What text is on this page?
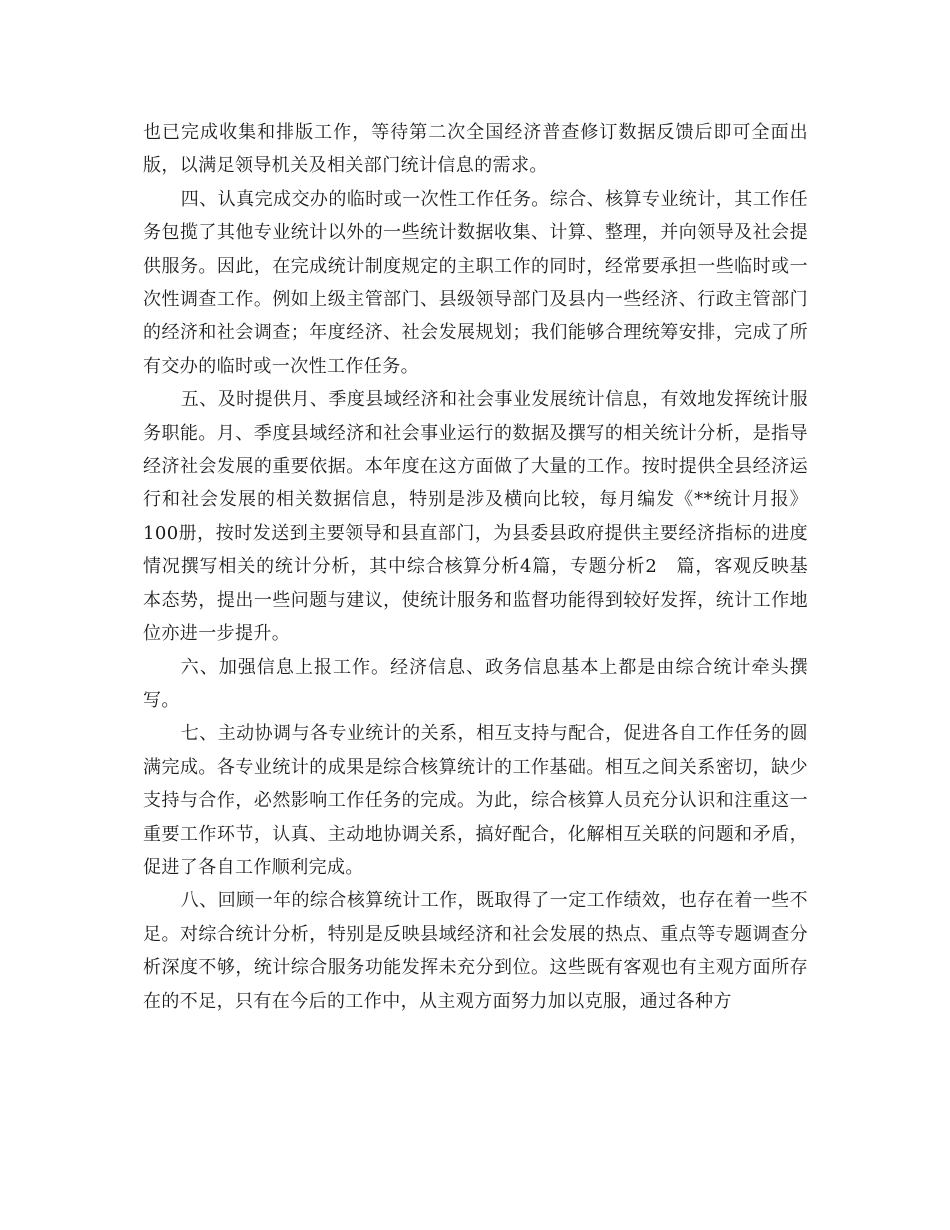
也已完成收集和排版工作，等待第二次全国经济普查修订数据反馈后即可全面出版，以满足领导机关及相关部门统计信息的需求。

四、认真完成交办的临时或一次性工作任务。综合、核算专业统计，其工作任务包揽了其他专业统计以外的一些统计数据收集、计算、整理，并向领导及社会提供服务。因此，在完成统计制度规定的主职工作的同时，经常要承担一些临时或一次性调查工作。例如上级主管部门、县级领导部门及县内一些经济、行政主管部门的经济和社会调查；年度经济、社会发展规划；我们能够合理统筹安排，完成了所有交办的临时或一次性工作任务。

五、及时提供月、季度县域经济和社会事业发展统计信息，有效地发挥统计服务职能。月、季度县域经济和社会事业运行的数据及撰写的相关统计分析，是指导经济社会发展的重要依据。本年度在这方面做了大量的工作。按时提供全县经济运行和社会发展的相关数据信息，特别是涉及横向比较，每月编发《**统计月报》100册，按时发送到主要领导和县直部门，为县委县政府提供主要经济指标的进度情况撰写相关的统计分析，其中综合核算分析4篇，专题分析2　篇，客观反映基本态势，提出一些问题与建议，使统计服务和监督功能得到较好发挥，统计工作地位亦进一步提升。

六、加强信息上报工作。经济信息、政务信息基本上都是由综合统计牵头撰写。

七、主动协调与各专业统计的关系，相互支持与配合，促进各自工作任务的圆满完成。各专业统计的成果是综合核算统计的工作基础。相互之间关系密切，缺少支持与合作，必然影响工作任务的完成。为此，综合核算人员充分认识和注重这一重要工作环节，认真、主动地协调关系，搞好配合，化解相互关联的问题和矛盾，促进了各自工作顺利完成。

八、回顾一年的综合核算统计工作，既取得了一定工作绩效，也存在着一些不足。对综合统计分析，特别是反映县域经济和社会发展的热点、重点等专题调查分析深度不够，统计综合服务功能发挥未充分到位。这些既有客观也有主观方面所存在的不足，只有在今后的工作中，从主观方面努力加以克服，通过各种方
